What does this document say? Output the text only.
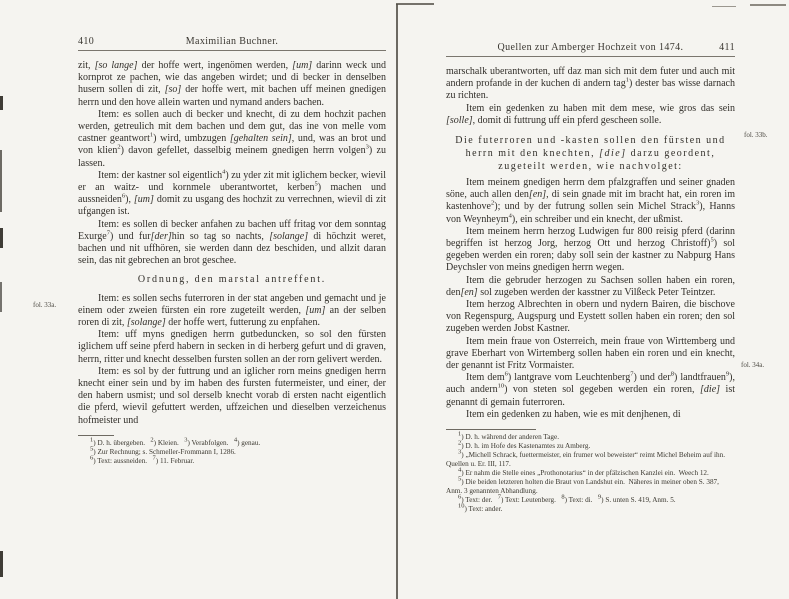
410	Maximilian Buchner.

zit, [so lange] der hoffe wert, ingenömen werden, [um] darinn weck und kornprot ze pachen, wie das angeben wirdet; und di becker in denselben husern sollen di zit, [so] der hoffe wert, mit bachen uff meinen gnedigen herrn und den hove allein warten und nymand anders bachen.

Item: es sollen auch di becker und knecht, di zu dem hochzit pachen werden, getreulich mit dem bachen und dem gut, das ine von melle vom castner geantwort$^1$) wird, umbzugen [gehalten sein], und, was an brot und von klien$^2$) davon gefellet, dasselbig meinem gnedigen herrn volgen$^3$) zu lassen.

Item: der kastner sol eigentlich$^4$) zu yder zit mit iglichem becker, wievil er an waitz- und kornmele uberantwortet, kerben$^5$) machen und aussneiden$^6$), [um] domit zu usgang des hochzit zu verrechnen, wievil di zit ufgangen ist.

Item: es sollen di becker anfahen zu bachen uff fritag vor dem sonntag Exurge$^7$) und fur[der]hin so tag so nachts, [solange] di höchzit weret, bachen und nit uffhören, sie werden dann dez beschiden, und allzit daran sein, das nit gebrechen an brot geschee.

Ordnung, den marstal antreffent.

Item: es sollen sechs futerroren in der stat angeben und gemacht und je einem oder zweien fürsten ein rore zugeteilt werden, [um] an der selben roren di zit, [solange] der hoffe wert, futterung zu enpfahen.

Item: uff myns gnedigen herrn gutbeduncken, so sol den fürsten iglichem uff seine pferd habern in secken in di herberg gefurt und di graven, herrn, ritter und knecht desselben fursten sollen an der rorn gelivert werden.

Item: es sol by der futtrung und an iglicher rorn meins gnedigen herrn knecht einer sein und by im haben des fursten futermeister, und einer, der den habern usmist; und sol derselb knecht vorab di ersten nacht eigentlich die pferd, wievil gefuttert werden, uffzeichen und dieselben verzeichenus hofmeister und

$^1$) D. h. übergeben.   $^2$) Kleien.   $^3$) Verabfolgen.   $^4$) genau.

$^5$) Zur Rechnung; s. Schmeller-Frommann I, 1286.

$^6$) Text: aussneiden.   $^7$) 11. Februar.

Quellen zur Amberger Hochzeit von 1474.	411

marschalk uberantworten, uff daz man sich mit dem futer und auch mit andern profande in der kuchen di andern tag$^1$) dester bas wisse darnach zu richten.

Item ein gedenken zu haben mit dem mese, wie gros das sein [solle], domit di futtrung uff ein pferd gescheen solle.

Die futerroren und -kasten sollen den fürsten und herrn mit den knechten, [die] darzu geordent, zugeteilt werden, wie nachvolget:

Item meinem gnedigen herrn dem pfalzgraffen und seiner gnaden söne, auch allen den[en], di sein gnade mit im bracht hat, ein roren im kastenhove$^2$); und by der futrung sollen sein Michel Strack$^3$), Hanns von Weynheym$^4$), ein schreiber und ein knecht, der ußmist.

Item meinem herrn herzog Ludwigen fur 800 reisig pferd (darinn begriffen ist herzog Jorg, herzog Ott und herzog Christoff)$^5$) sol gegeben werden ein roren; daby soll sein der kastner zu Nabpurg Hans Deychsler von meins gnedigen herrn wegen.

Item die gebruder herzogen zu Sachsen sollen haben ein roren, den[en] sol zugeben werden der kasstner zu Vilßeck Peter Teintzer.

Item herzog Albrechten in obern und nydern Bairen, die bischove von Regenspurg, Augspurg und Eystett sollen haben ein roren; den sol zugeben werden Jobst Kastner.

Item mein fraue von Osterreich, mein fraue von Wirttemberg und grave Eberhart von Wirtemberg sollen haben ein roren und ein knecht, der genannt ist Fritz Vormaister.

Item dem$^6$) lantgrave vom Leuchtenberg$^7$) und der$^8$) landtfrauen$^9$), auch andern$^{10}$) von steten sol gegeben werden ein roren, [die] ist genannt di gemain futerroren.

Item ein gedenken zu haben, wie es mit denjhenen, di

$^1$) D. h. während der anderen Tage.

$^2$) D. h. im Hofe des Kastenamtes zu Amberg.

$^3$) „Michell Schrack, fuettermeister, ein frumer wol beweister“ reimt Michel Beheim auf ihn.  Quellen u. Er. III, 117.

$^4$) Er nahm die Stelle eines „Prothonotarius“ in der pfälzischen Kanzlei ein.  Weech 12.

$^5$) Die beiden letzteren holten die Braut von Landshut ein.  Näheres in meiner oben S. 387, Anm. 3 genannten Abhandlung.

$^6$) Text: der.   $^7$) Text: Leutenberg.   $^8$) Text: di.   $^9$) S. unten S. 419, Anm. 5.

$^{10}$) Text: ander.

fol. 33a.
fol. 33b.
fol. 34a.
